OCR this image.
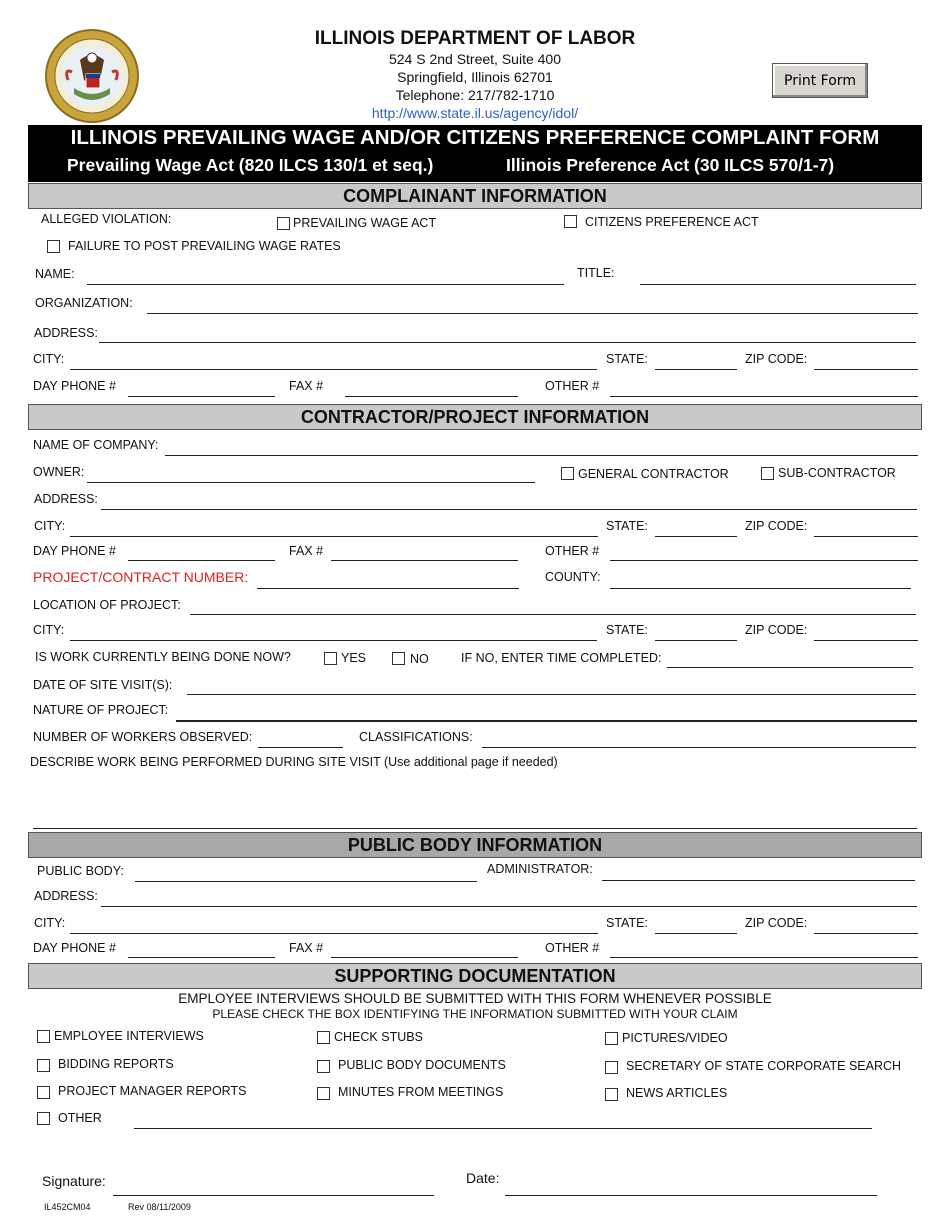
ILLINOIS DEPARTMENT OF LABOR
524 S 2nd Street, Suite 400
Springfield, Illinois 62701
Telephone: 217/782-1710
http://www.state.il.us/agency/idol/
Print Form
ILLINOIS PREVAILING WAGE AND/OR CITIZENS PREFERENCE COMPLAINT FORM
Prevailing Wage Act (820 ILCS 130/1 et seq.)	Illinois Preference Act (30 ILCS 570/1-7)
COMPLAINANT INFORMATION
ALLEGED VIOLATION:	PREVAILING WAGE ACT	CITIZENS PREFERENCE ACT
FAILURE TO POST PREVAILING WAGE RATES
NAME:	TITLE:
ORGANIZATION:
ADDRESS:
CITY:	STATE:	ZIP CODE:
DAY PHONE #	FAX #	OTHER #
CONTRACTOR/PROJECT INFORMATION
NAME OF COMPANY:
OWNER:	GENERAL CONTRACTOR	SUB-CONTRACTOR
ADDRESS:
CITY:	STATE:	ZIP CODE:
DAY PHONE #	FAX #	OTHER #
PROJECT/CONTRACT NUMBER:	COUNTY:
LOCATION OF PROJECT:
CITY:	STATE:	ZIP CODE:
IS WORK CURRENTLY BEING DONE NOW?	YES	NO	IF NO, ENTER TIME COMPLETED:
DATE OF SITE VISIT(S):
NATURE OF PROJECT:
NUMBER OF WORKERS OBSERVED:	CLASSIFICATIONS:
DESCRIBE WORK BEING PERFORMED DURING SITE VISIT (Use additional page if needed)
PUBLIC BODY INFORMATION
PUBLIC BODY:	ADMINISTRATOR:
ADDRESS:
CITY:	STATE:	ZIP CODE:
DAY PHONE #	FAX #	OTHER #
SUPPORTING DOCUMENTATION
EMPLOYEE INTERVIEWS SHOULD BE SUBMITTED WITH THIS FORM WHENEVER POSSIBLE
PLEASE CHECK THE BOX IDENTIFYING THE INFORMATION SUBMITTED WITH YOUR CLAIM
EMPLOYEE INTERVIEWS	CHECK STUBS	PICTURES/VIDEO
BIDDING REPORTS	PUBLIC BODY DOCUMENTS	SECRETARY OF STATE CORPORATE SEARCH
PROJECT MANAGER REPORTS	MINUTES FROM MEETINGS	NEWS ARTICLES
OTHER
Signature:	Date:
IL452CM04	Rev 08/11/2009
